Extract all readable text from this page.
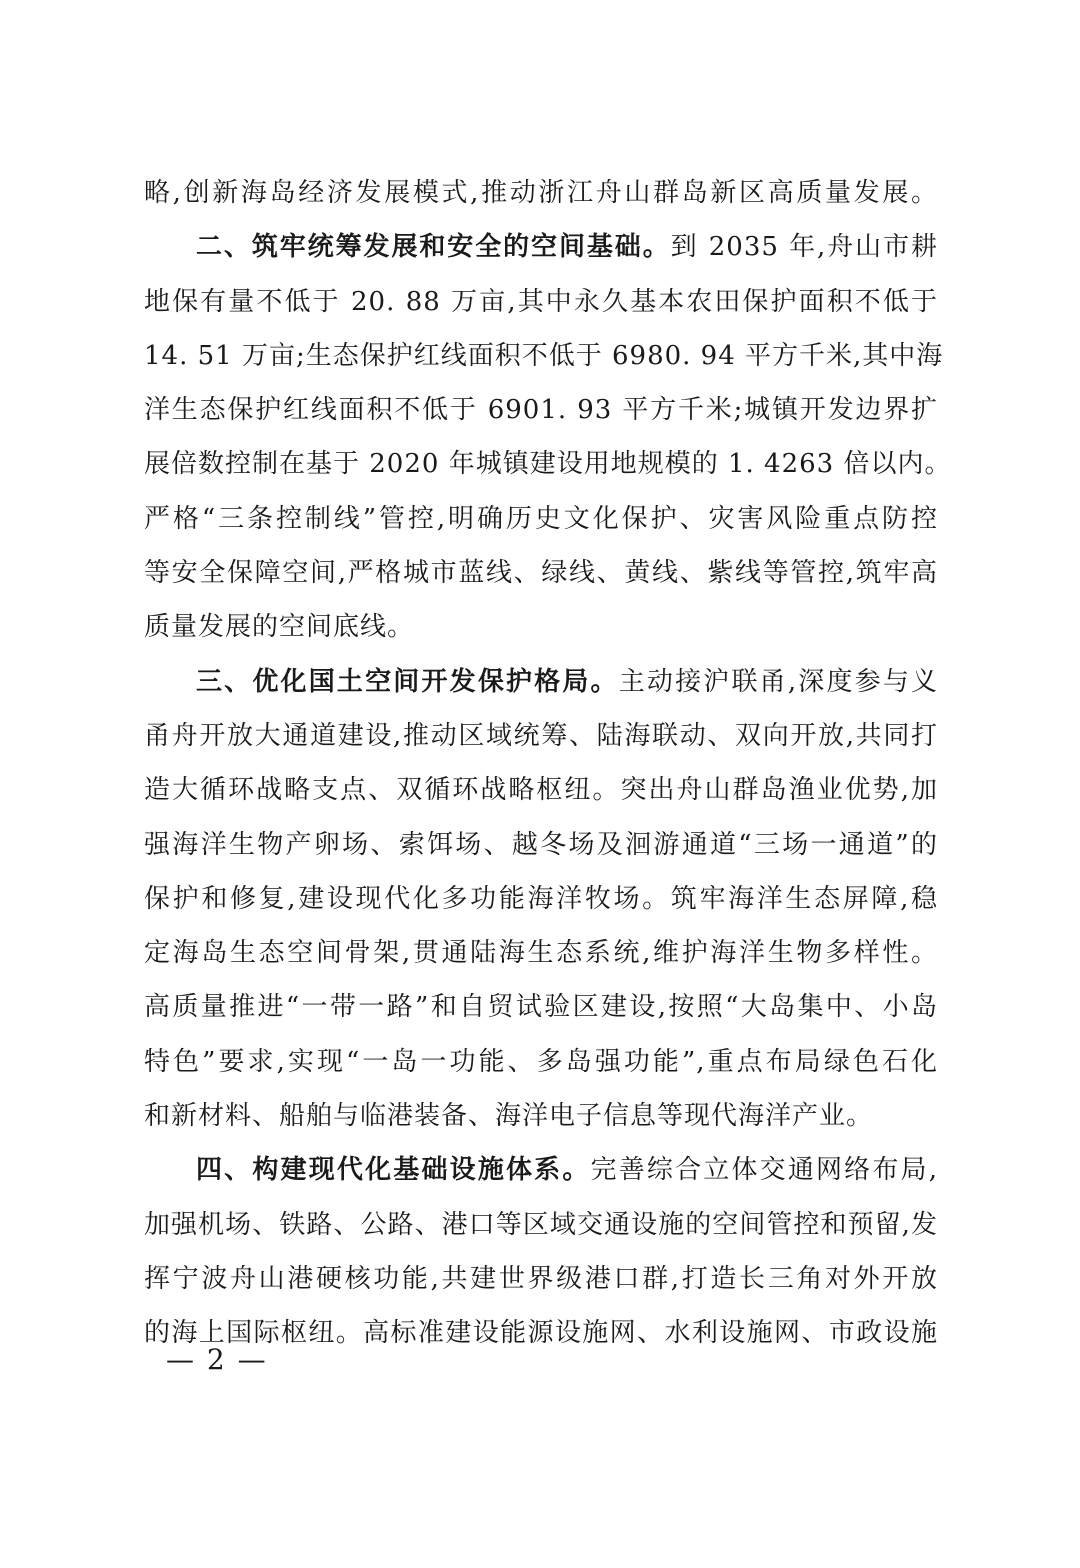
略,创新海岛经济发展模式,推动浙江舟山群岛新区高质量发展。
二、筑牢统筹发展和安全的空间基础。到 2035 年,舟山市耕
地保有量不低于 20. 88 万亩,其中永久基本农田保护面积不低于
14. 51 万亩;生态保护红线面积不低于 6980. 94 平方千米,其中海
洋生态保护红线面积不低于 6901. 93 平方千米;城镇开发边界扩
展倍数控制在基于 2020 年城镇建设用地规模的 1. 4263 倍以内。
严格“三条控制线”管控,明确历史文化保护、灾害风险重点防控
等安全保障空间,严格城市蓝线、绿线、黄线、紫线等管控,筑牢高
质量发展的空间底线。
三、优化国土空间开发保护格局。主动接沪联甬,深度参与义
甬舟开放大通道建设,推动区域统筹、陆海联动、双向开放,共同打
造大循环战略支点、双循环战略枢纽。突出舟山群岛渔业优势,加
强海洋生物产卵场、索饵场、越冬场及洄游通道“三场一通道”的
保护和修复,建设现代化多功能海洋牧场。筑牢海洋生态屏障,稳
定海岛生态空间骨架,贯通陆海生态系统,维护海洋生物多样性。
高质量推进“一带一路”和自贸试验区建设,按照“大岛集中、小岛
特色”要求,实现“一岛一功能、多岛强功能”,重点布局绿色石化
和新材料、船舶与临港装备、海洋电子信息等现代海洋产业。
四、构建现代化基础设施体系。完善综合立体交通网络布局,
加强机场、铁路、公路、港口等区域交通设施的空间管控和预留,发
挥宁波舟山港硬核功能,共建世界级港口群,打造长三角对外开放
的海上国际枢纽。高标准建设能源设施网、水利设施网、市政设施
— 2 —
